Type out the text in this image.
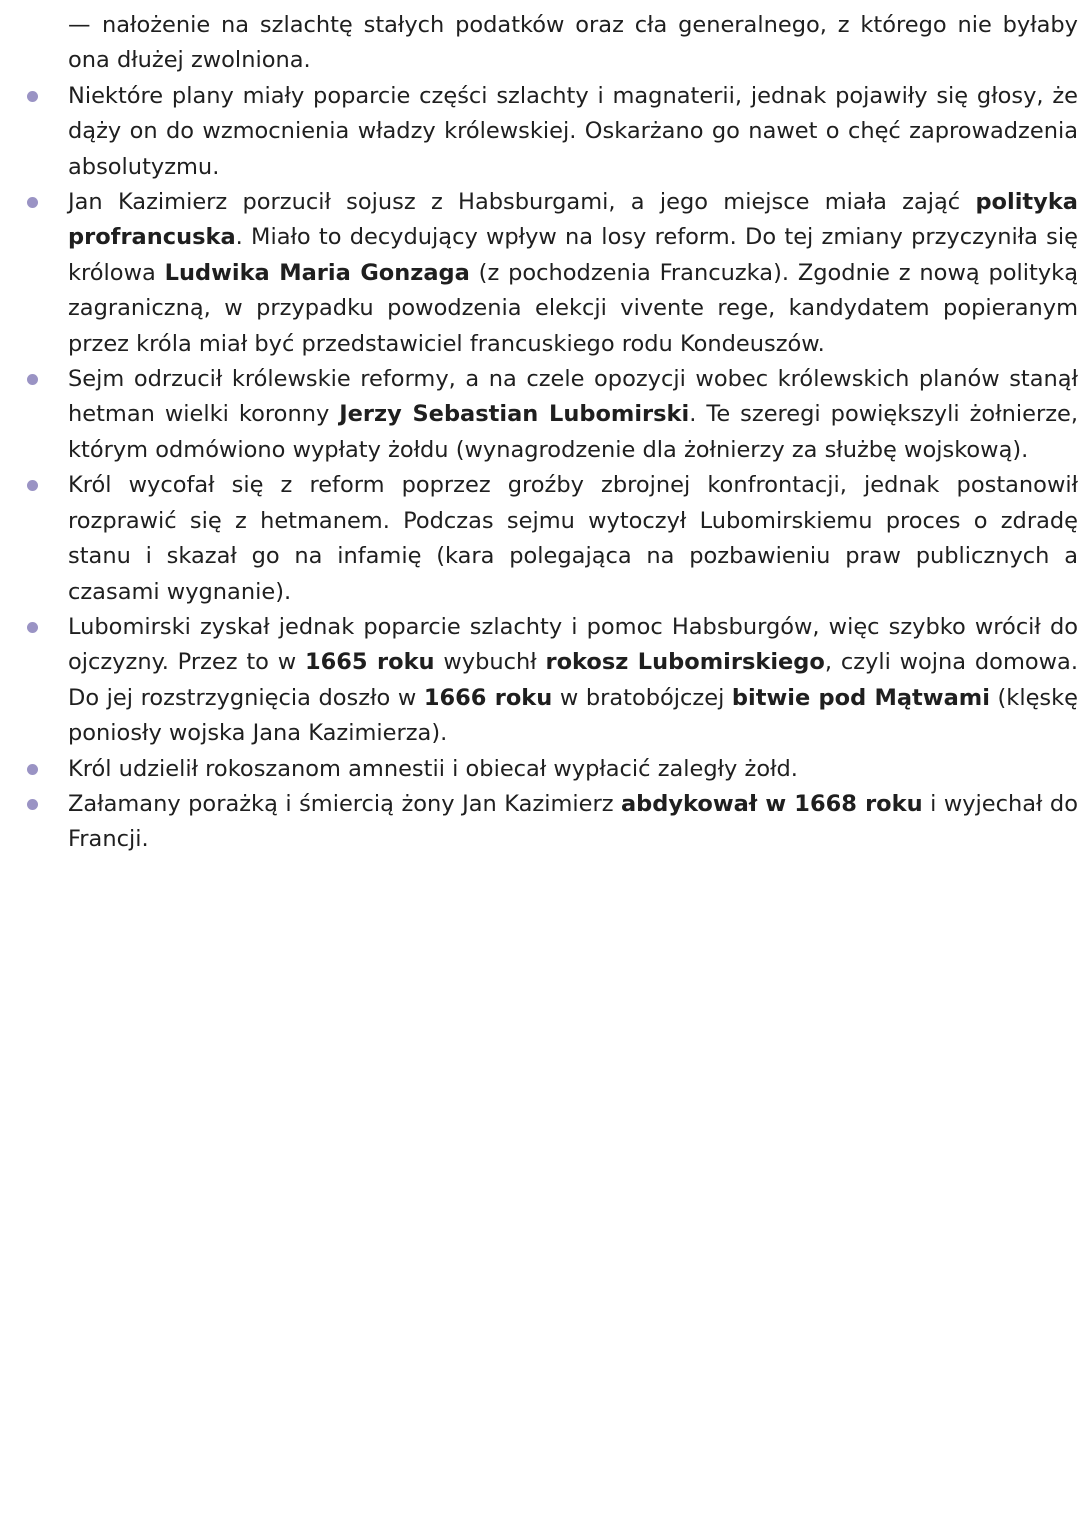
— nałożenie na szlachtę stałych podatków oraz cła generalnego, z którego nie byłaby ona dłużej zwolniona.

Niektóre plany miały poparcie części szlachty i magnaterii, jednak pojawiły się głosy, że dąży on do wzmocnienia władzy królewskiej. Oskarżano go nawet o chęć zaprowadzenia absolutyzmu.

Jan Kazimierz porzucił sojusz z Habsburgami, a jego miejsce miała zająć polityka profrancuska. Miało to decydujący wpływ na losy reform. Do tej zmiany przyczyniła się królowa Ludwika Maria Gonzaga (z pochodzenia Francuzka). Zgodnie z nową polityką zagraniczną, w przypadku powodzenia elekcji vivente rege, kandydatem popieranym przez króla miał być przedstawiciel francuskiego rodu Kondeuszów.

Sejm odrzucił królewskie reformy, a na czele opozycji wobec królewskich planów stanął hetman wielki koronny Jerzy Sebastian Lubomirski. Te szeregi powiększyli żołnierze, którym odmówiono wypłaty żołdu (wynagrodzenie dla żołnierzy za służbę wojskową).

Król wycofał się z reform poprzez groźby zbrojnej konfrontacji, jednak postanowił rozprawić się z hetmanem. Podczas sejmu wytoczył Lubomirskiemu proces o zdradę stanu i skazał go na infamię (kara polegająca na pozbawieniu praw publicznych a czasami wygnanie).

Lubomirski zyskał jednak poparcie szlachty i pomoc Habsburgów, więc szybko wrócił do ojczyzny. Przez to w 1665 roku wybuchł rokosz Lubomirskiego, czyli wojna domowa. Do jej rozstrzygnięcia doszło w 1666 roku w bratobójczej bitwie pod Mątwami (klęskę poniosły wojska Jana Kazimierza).

Król udzielił rokoszanom amnestii i obiecał wypłacić zaległy żołd.

Załamany porażką i śmiercią żony Jan Kazimierz abdykował w 1668 roku i wyjechał do Francji.
